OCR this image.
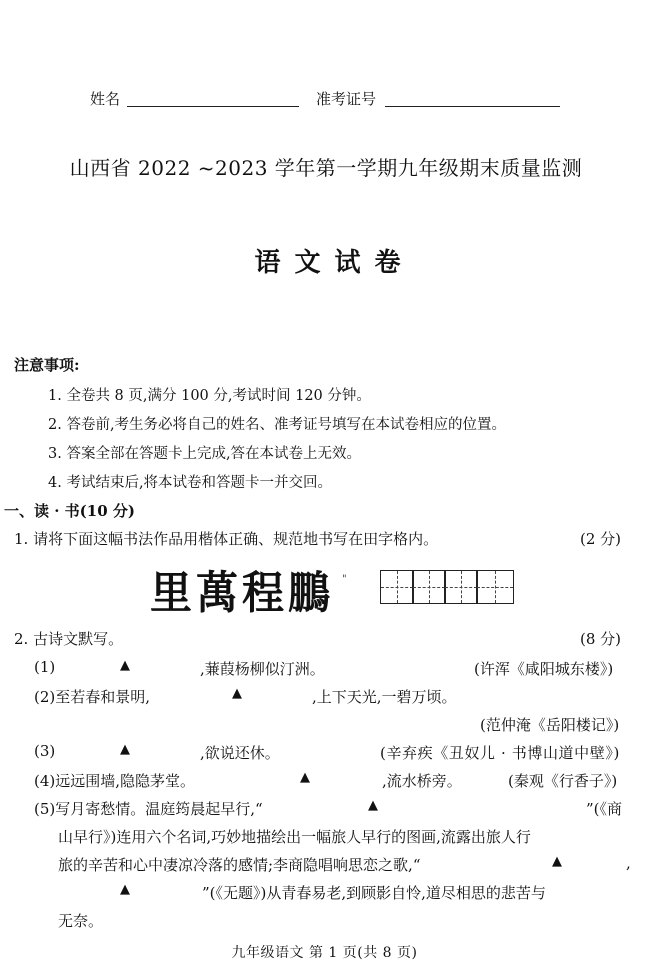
姓名	准考证号
山西省 2022 ~2023 学年第一学期九年级期末质量监测
语文试卷
注意事项:
1. 全卷共 8 页,满分 100 分,考试时间 120 分钟。
2. 答卷前,考生务必将自己的姓名、准考证号填写在本试卷相应的位置。
3. 答案全部在答题卡上完成,答在本试卷上无效。
4. 考试结束后,将本试卷和答题卡一并交回。
一、读 · 书(10 分)
1. 请将下面这幅书法作品用楷体正确、规范地书写在田字格内。	(2 分)
里萬程鵬 "
2. 古诗文默写。	(8 分)
(1)	▲	,蒹葭杨柳似汀洲。	(许浑《咸阳城东楼》)
(2)至若春和景明,	▲	,上下天光,一碧万顷。
(范仲淹《岳阳楼记》)
(3)	▲	,欲说还休。	(辛弃疾《丑奴儿 · 书博山道中壁》)
(4)远远围墙,隐隐茅堂。	▲	,流水桥旁。	(秦观《行香子》)
(5)写月寄愁情。温庭筠晨起早行,“	▲	”(《商
山早行》)连用六个名词,巧妙地描绘出一幅旅人早行的图画,流露出旅人行
旅的辛苦和心中凄凉冷落的感情;李商隐唱响思恋之歌,“	▲	,
▲	”(《无题》)从青春易老,到顾影自怜,道尽相思的悲苦与
无奈。
九年级语文 第 1 页(共 8 页)
